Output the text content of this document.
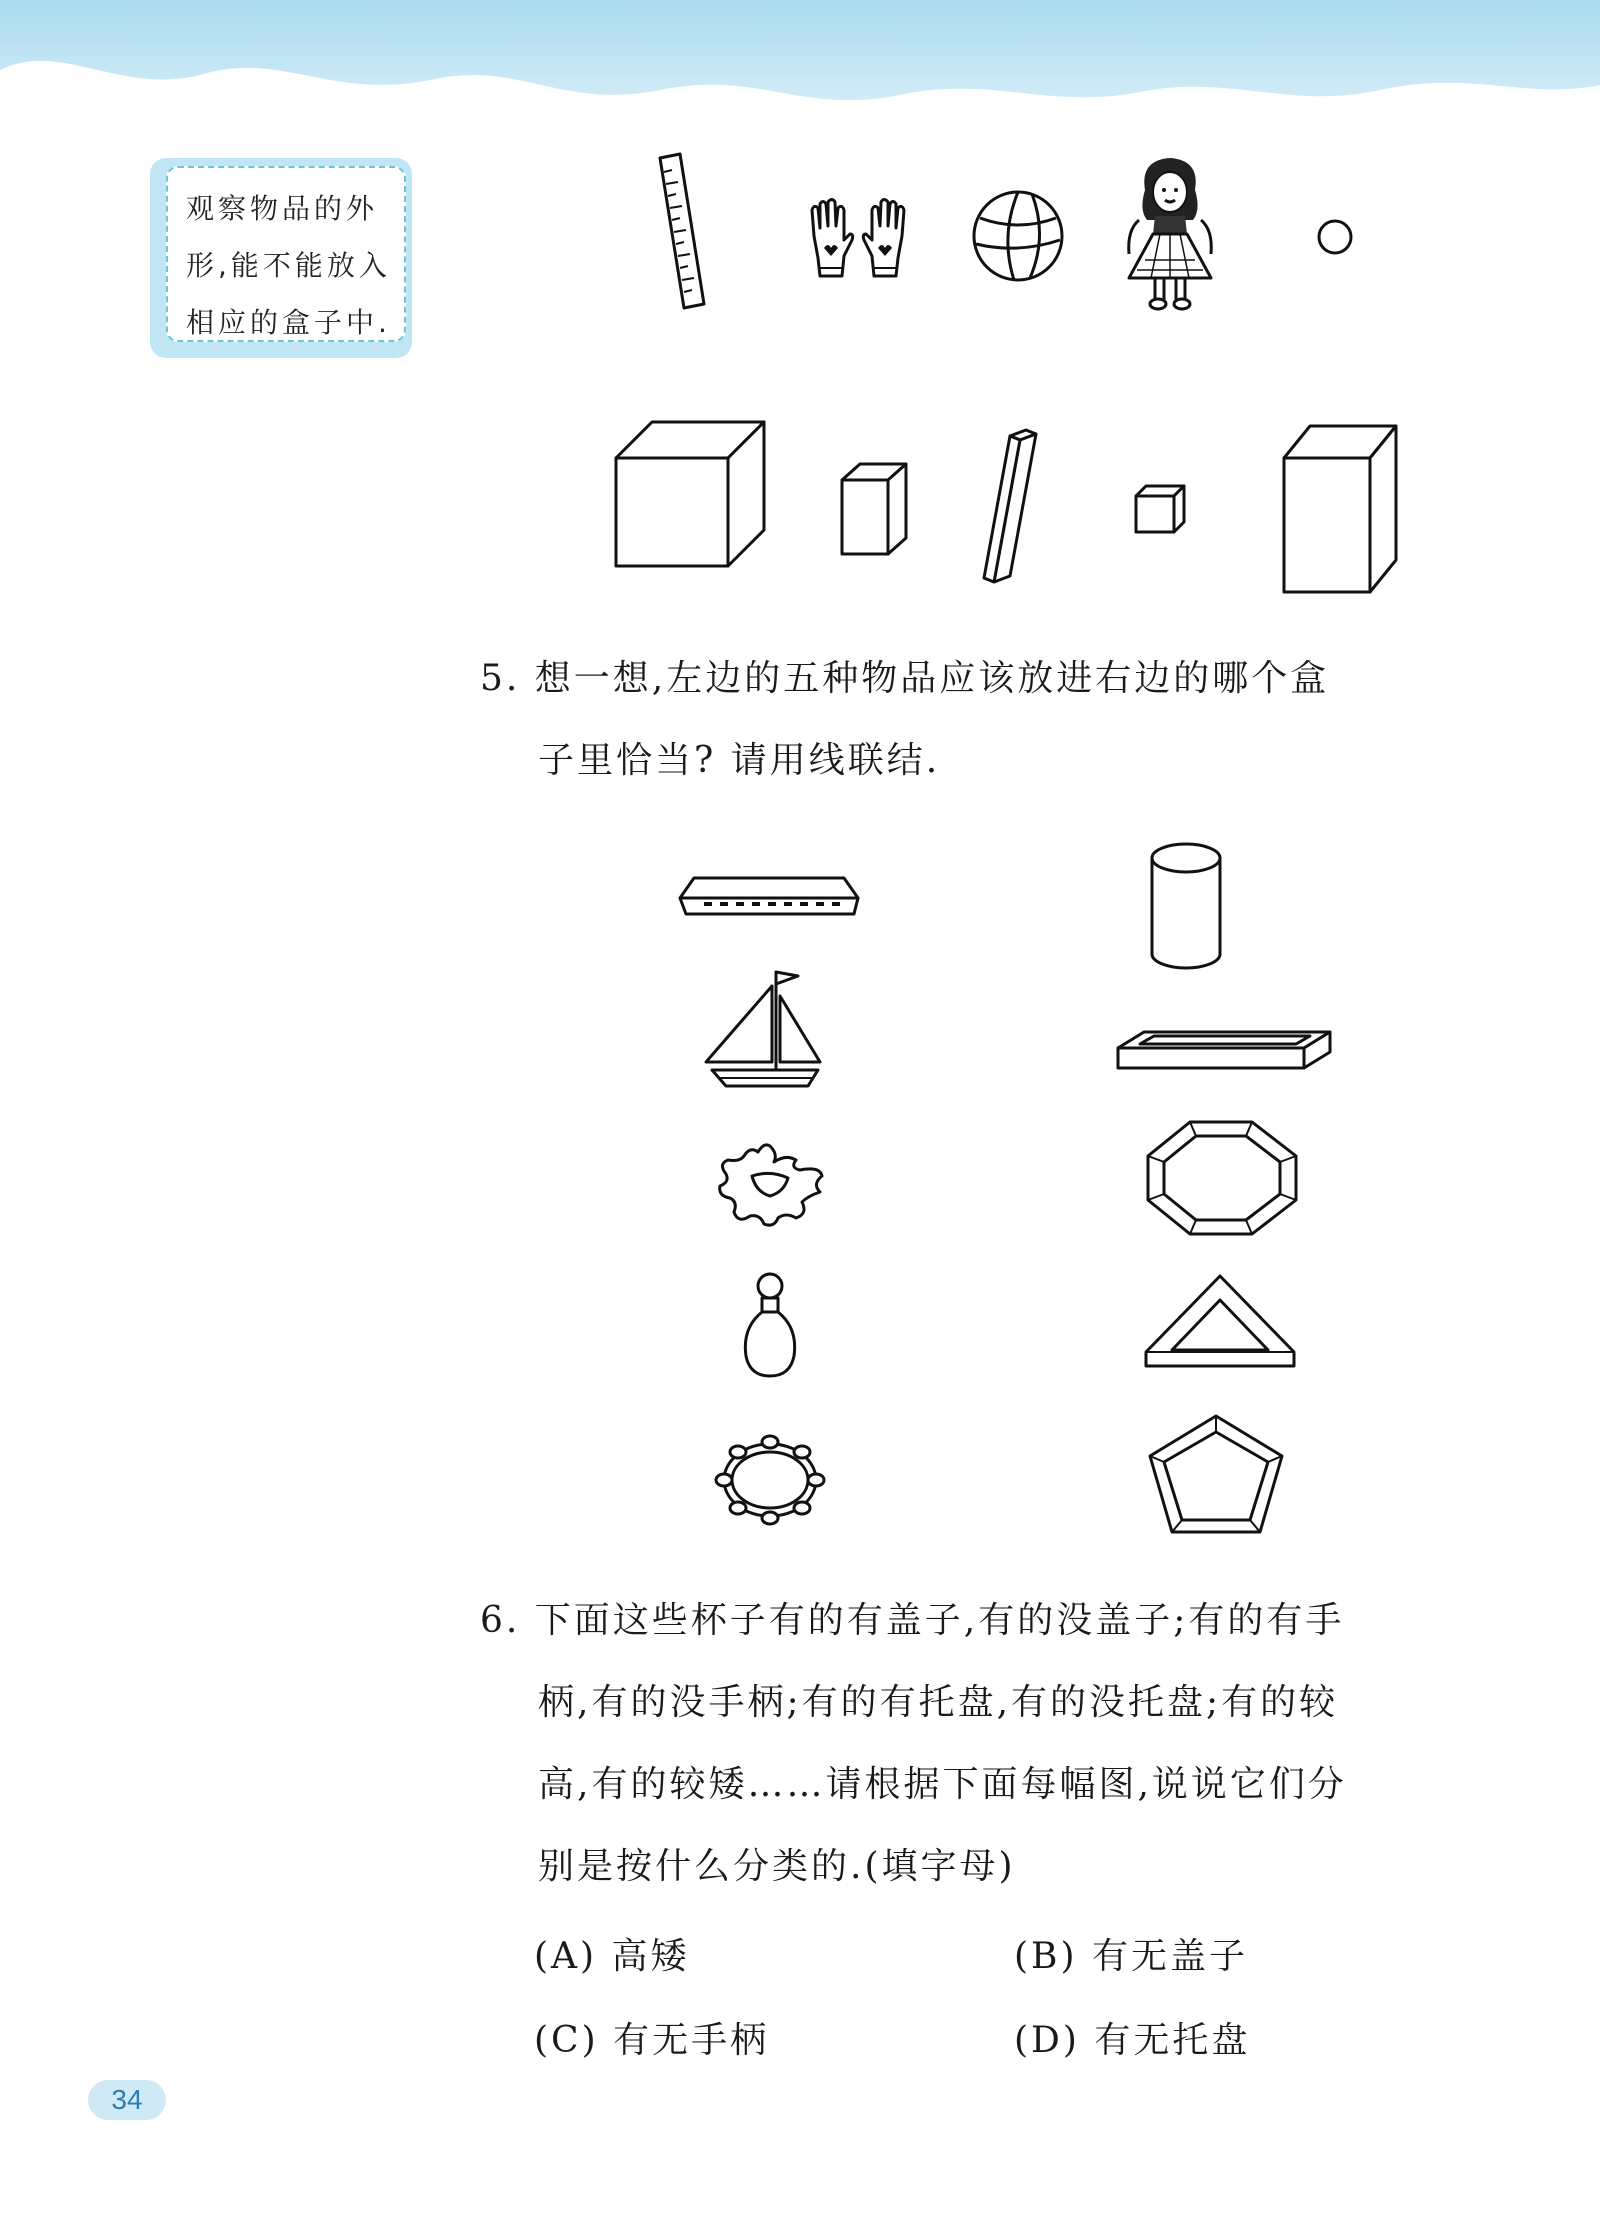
观察物品的外
形,能不能放入
相应的盒子中.
5. 想一想,左边的五种物品应该放进右边的哪个盒
子里恰当? 请用线联结.
6. 下面这些杯子有的有盖子,有的没盖子;有的有手
柄,有的没手柄;有的有托盘,有的没托盘;有的较
高,有的较矮……请根据下面每幅图,说说它们分
别是按什么分类的.(填字母)
(A) 高矮	(B) 有无盖子
(C) 有无手柄	(D) 有无托盘
34
